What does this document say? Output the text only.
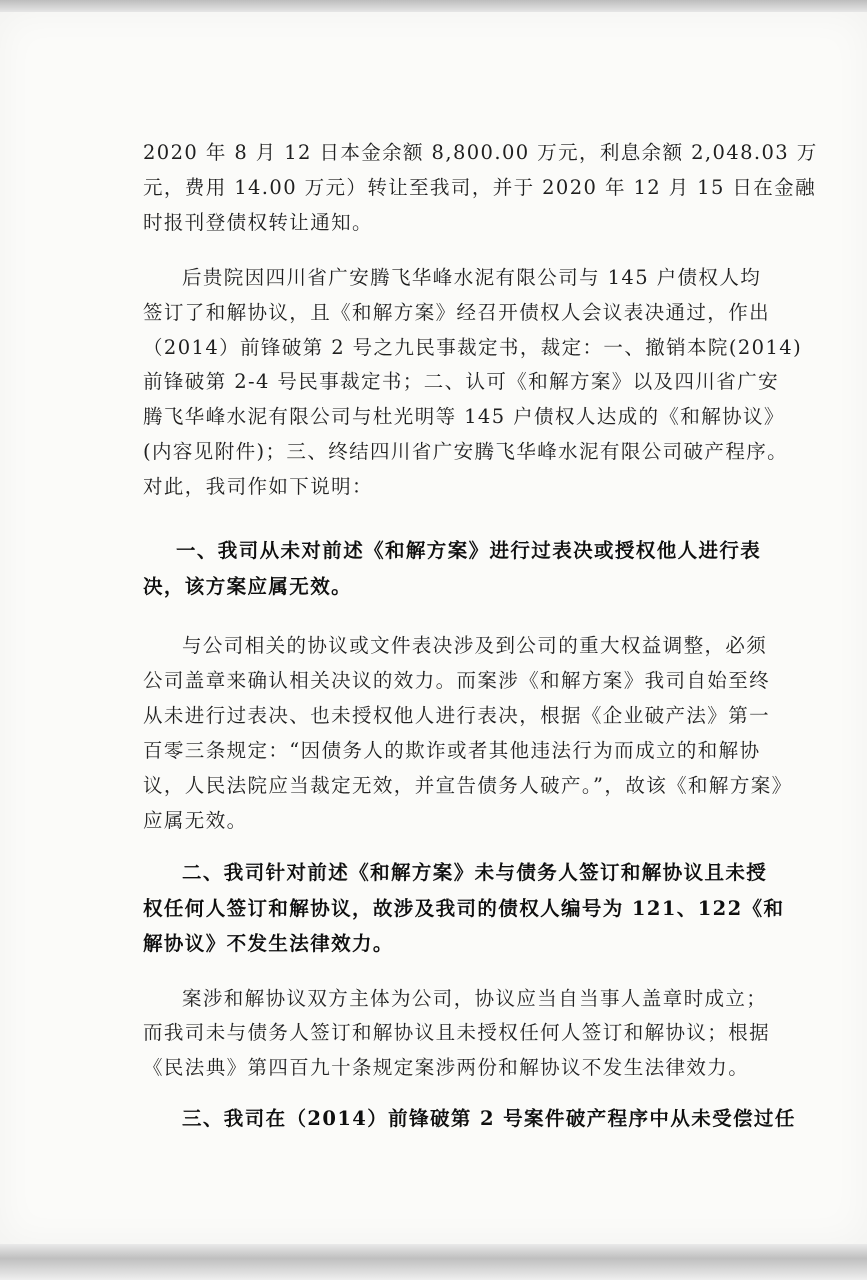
2020 年 8 月 12 日本金余额 8,800.00 万元，利息余额 2,048.03 万
元，费用 14.00 万元）转让至我司，并于 2020 年 12 月 15 日在金融
时报刊登债权转让通知。
后贵院因四川省广安腾飞华峰水泥有限公司与 145 户债权人均
签订了和解协议，且《和解方案》经召开债权人会议表决通过，作出
（2014）前锋破第 2 号之九民事裁定书，裁定：一、撤销本院(2014)
前锋破第 2-4 号民事裁定书；二、认可《和解方案》以及四川省广安
腾飞华峰水泥有限公司与杜光明等 145 户债权人达成的《和解协议》
(内容见附件)；三、终结四川省广安腾飞华峰水泥有限公司破产程序。
对此，我司作如下说明：
一、我司从未对前述《和解方案》进行过表决或授权他人进行表
决，该方案应属无效。
与公司相关的协议或文件表决涉及到公司的重大权益调整，必须
公司盖章来确认相关决议的效力。而案涉《和解方案》我司自始至终
从未进行过表决、也未授权他人进行表决，根据《企业破产法》第一
百零三条规定：“因债务人的欺诈或者其他违法行为而成立的和解协
议，人民法院应当裁定无效，并宣告债务人破产。”，故该《和解方案》
应属无效。
二、我司针对前述《和解方案》未与债务人签订和解协议且未授
权任何人签订和解协议，故涉及我司的债权人编号为 121、122《和
解协议》不发生法律效力。
案涉和解协议双方主体为公司，协议应当自当事人盖章时成立；
而我司未与债务人签订和解协议且未授权任何人签订和解协议；根据
《民法典》第四百九十条规定案涉两份和解协议不发生法律效力。
三、我司在（2014）前锋破第 2 号案件破产程序中从未受偿过任
